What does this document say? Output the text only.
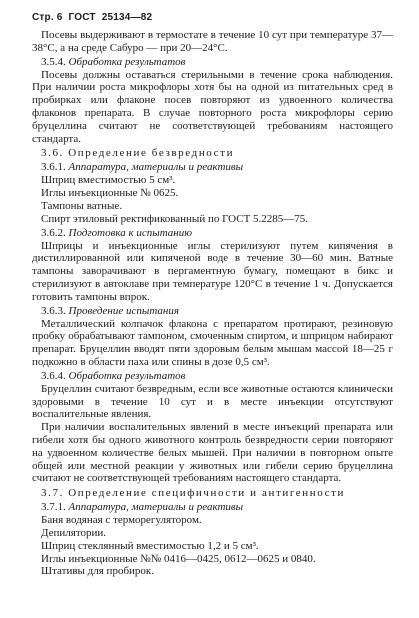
Стр. 6 ГОСТ 25134—82

Посевы выдерживают в термостате в течение 10 сут при температуре 37—38°С, а на среде Сабуро — при 20—24°С.

3.5.4. Обработка результатов

Посевы должны оставаться стерильными в течение срока наблюдения. При наличии роста микрофлоры хотя бы на одной из питательных сред в пробирках или флаконе посев повторяют из удвоенного количества флаконов препарата. В случае повторного роста микрофлоры серию бруцеллина считают не соответствующей требованиям настоящего стандарта.

3.6. Определение безвредности
3.6.1. Аппаратура, материалы и реактивы
Шприц вместимостью 5 см³.
Иглы инъекционные № 0625.
Тампоны ватные.
Спирт этиловый ректификованный по ГОСТ 5.2285—75.
3.6.2. Подготовка к испытанию

Шприцы и инъекционные иглы стерилизуют путем кипячения в дистиллированной или кипяченой воде в течение 30—60 мин. Ватные тампоны заворачивают в пергаментную бумагу, помещают в бикс и стерилизуют в автоклаве при температуре 120°С в течение 1 ч. Допускается готовить тампоны впрок.

3.6.3. Проведение испытания

Металлический колпачок флакона с препаратом протирают, резиновую пробку обрабатывают тампоном, смоченным спиртом, и шприцом набирают препарат. Бруцеллин вводят пяти здоровым белым мышам массой 18—25 г подкожно в области паха или спины в дозе 0,5 см³.

3.6.4. Обработка результатов

Бруцеллин считают безвредным, если все животные остаются клинически здоровыми в течение 10 сут и в месте инъекции отсутствуют воспалительные явления.

При наличии воспалительных явлений в месте инъекций препарата или гибели хотя бы одного животного контроль безвредности серии повторяют на удвоенном количестве белых мышей. При наличии в повторном опыте общей или местной реакции у животных или гибели серию бруцеллина считают не соответствующей требованиям настоящего стандарта.

3.7. Определение специфичности и антигенности
3.7.1. Аппаратура, материалы и реактивы
Баня водяная с терморегулятором.
Депилятории.
Шприц стеклянный вместимостью 1,2 и 5 см³.
Иглы инъекционные №№ 0416—0425, 0612—0625 и 0840.
Штативы для пробирок.
